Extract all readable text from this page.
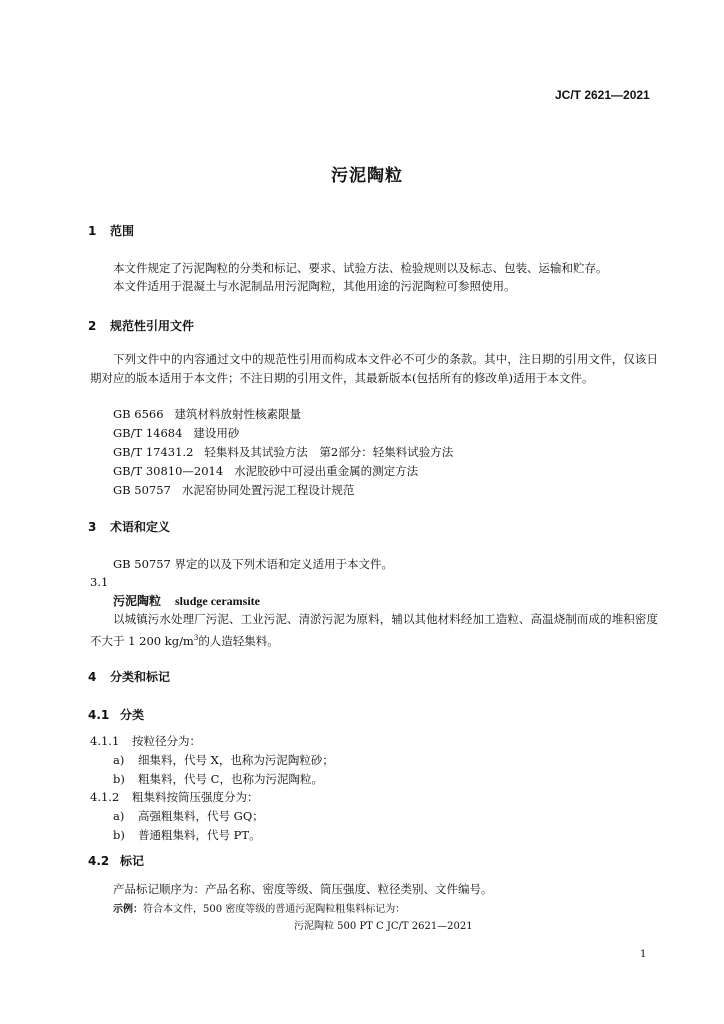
JC/T 2621—2021
污泥陶粒
1 范围
本文件规定了污泥陶粒的分类和标记、要求、试验方法、检验规则以及标志、包装、运输和贮存。
本文件适用于混凝土与水泥制品用污泥陶粒，其他用途的污泥陶粒可参照使用。
2 规范性引用文件
下列文件中的内容通过文中的规范性引用而构成本文件必不可少的条款。其中，注日期的引用文件，仅该日期对应的版本适用于本文件；不注日期的引用文件，其最新版本(包括所有的修改单)适用于本文件。
GB 6566 建筑材料放射性核素限量
GB/T 14684 建设用砂
GB/T 17431.2 轻集料及其试验方法　第2部分：轻集料试验方法
GB/T 30810—2014 水泥胶砂中可浸出重金属的测定方法
GB 50757 水泥窑协同处置污泥工程设计规范
3 术语和定义
GB 50757 界定的以及下列术语和定义适用于本文件。
3.1
污泥陶粒 sludge ceramsite
以城镇污水处理厂污泥、工业污泥、清淤污泥为原料，辅以其他材料经加工造粒、高温烧制而成的堆积密度不大于 1 200 $kg/m^3$的人造轻集料。
4 分类和标记
4.1 分类
4.1.1 按粒径分为：
a) 细集料，代号 X，也称为污泥陶粒砂；
b) 粗集料，代号 C，也称为污泥陶粒。
4.1.2 粗集料按筒压强度分为：
a) 高强粗集料，代号 GQ；
b) 普通粗集料，代号 PT。
4.2 标记
产品标记顺序为：产品名称、密度等级、筒压强度、粒径类别、文件编号。
示例：符合本文件，500 密度等级的普通污泥陶粒粗集料标记为：
污泥陶粒 500 PT C JC/T 2621—2021
1
